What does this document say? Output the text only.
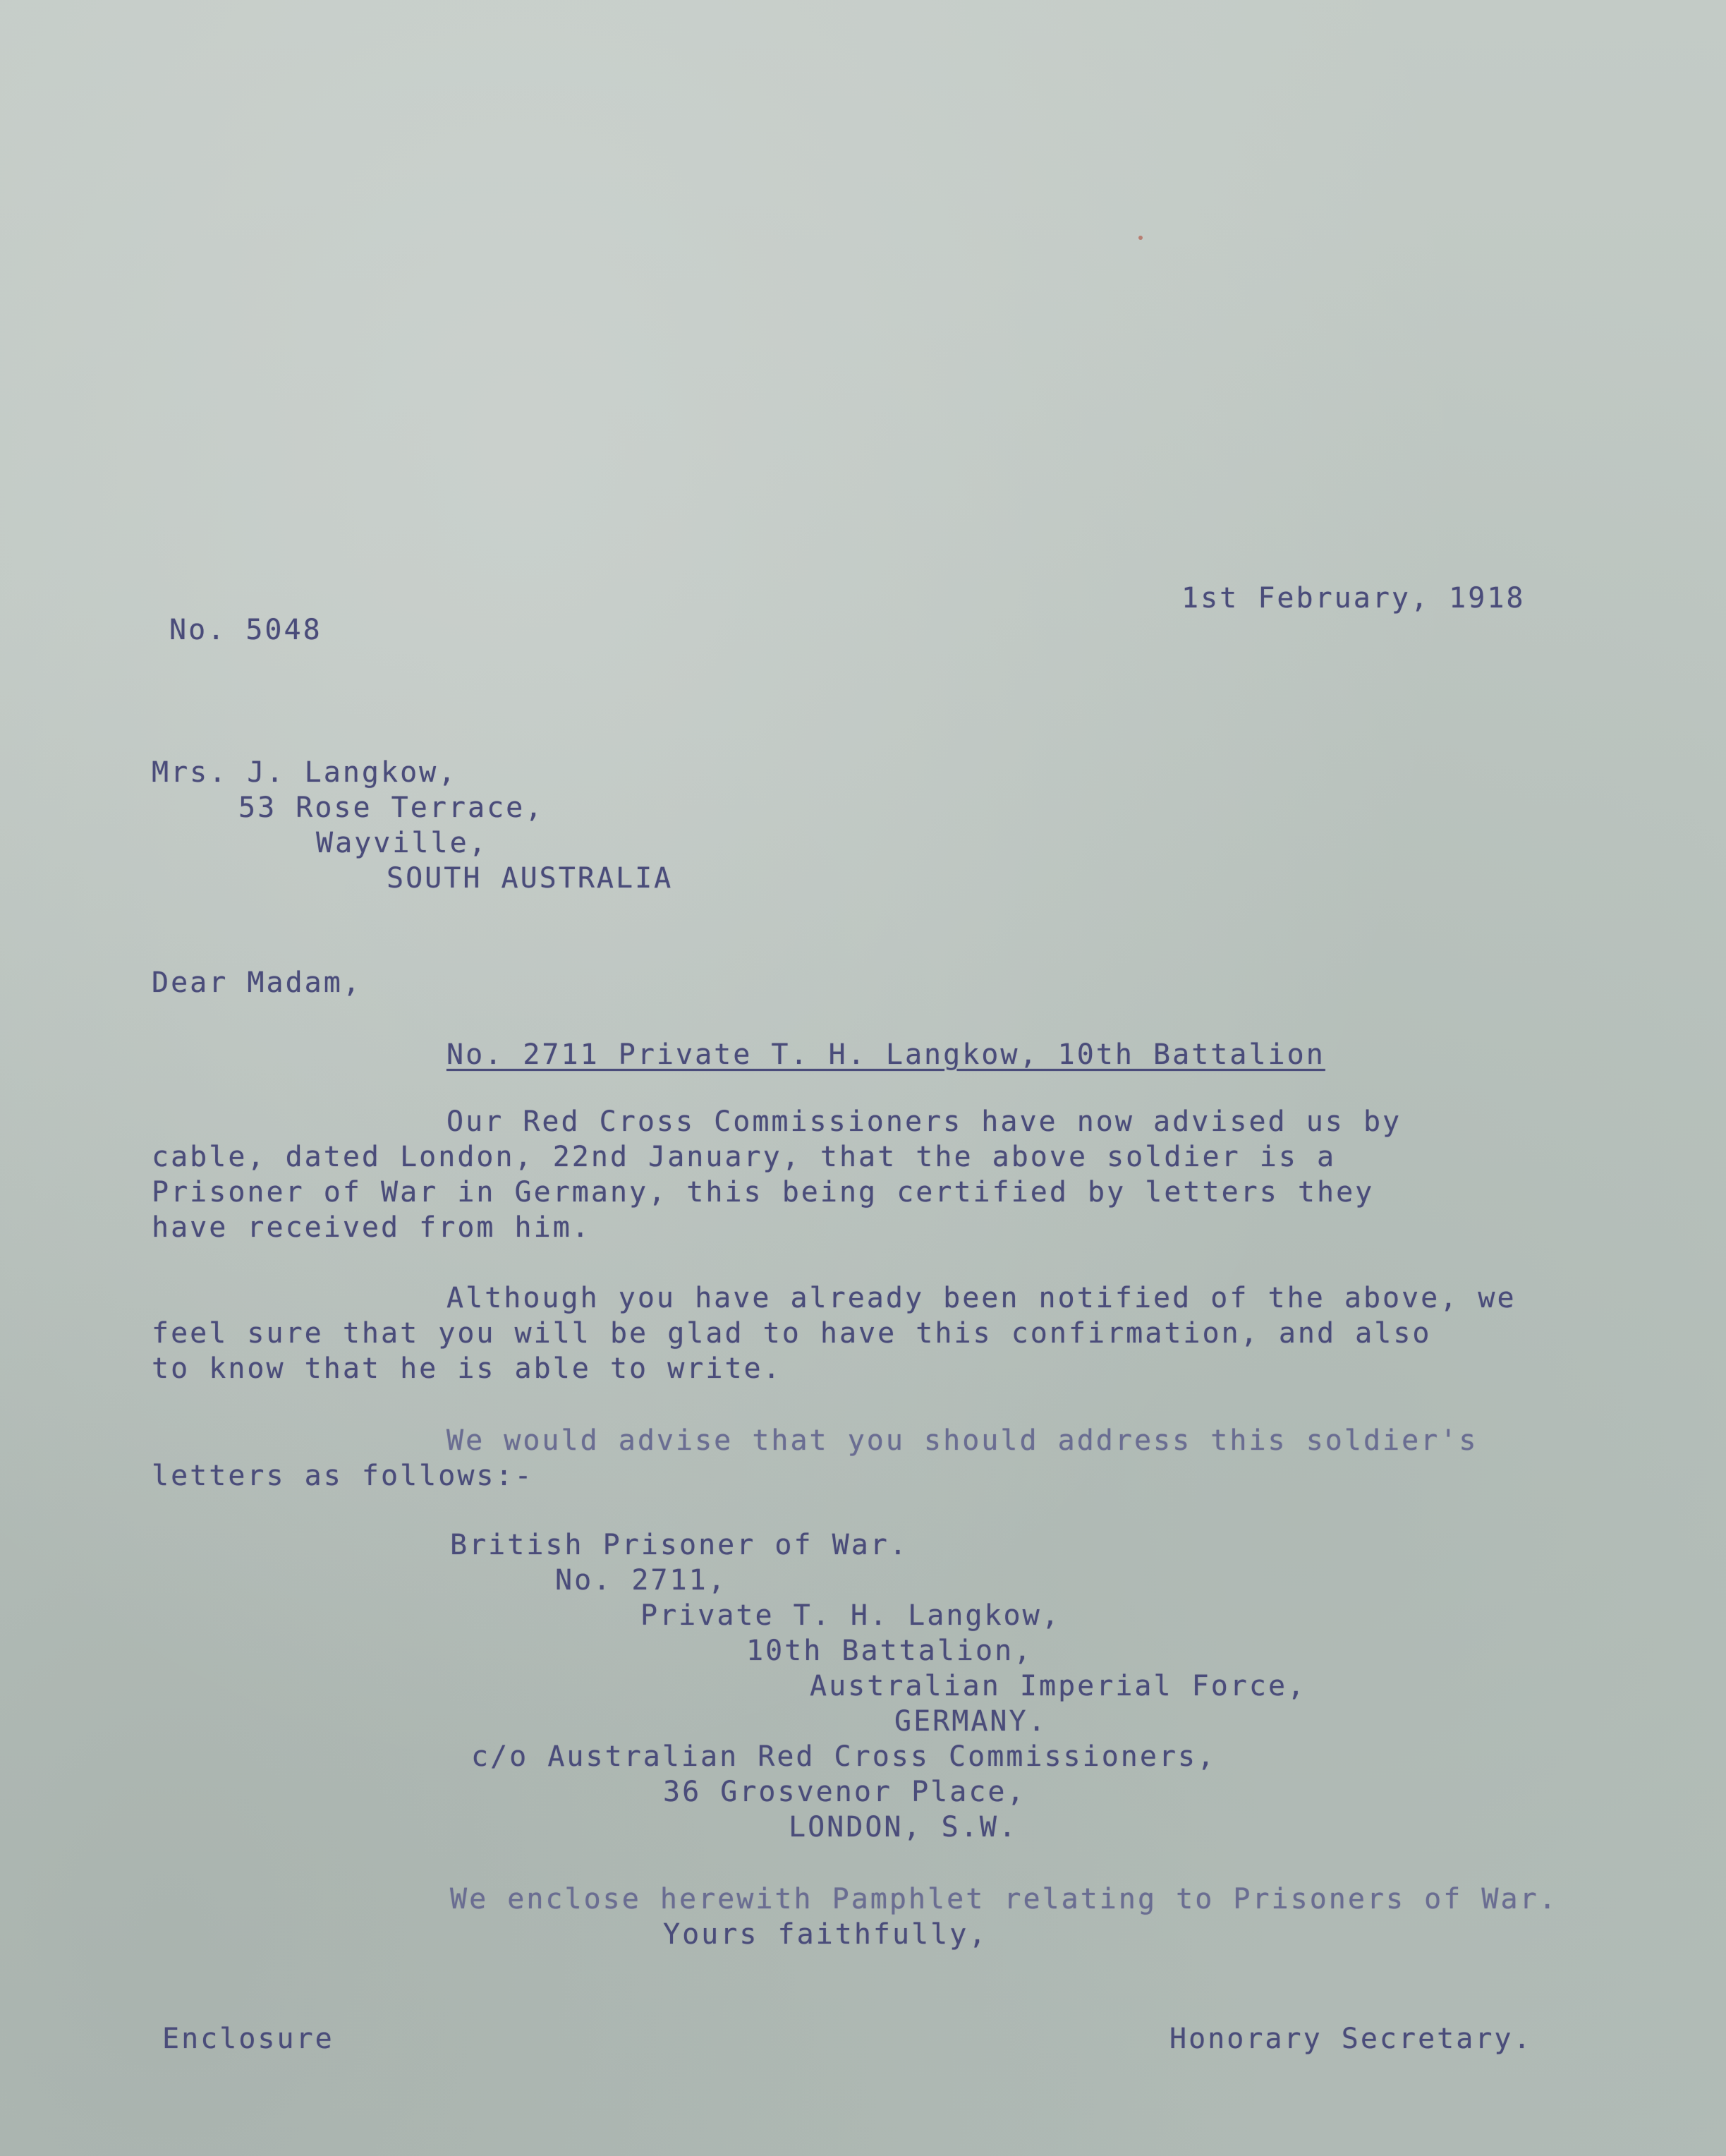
1st February, 1918
No. 5048
Mrs. J. Langkow,
53 Rose Terrace,
Wayville,
SOUTH AUSTRALIA
Dear Madam,
No. 2711 Private T. H. Langkow, 10th Battalion
Our Red Cross Commissioners have now advised us by
cable, dated London, 22nd January, that the above soldier is a
Prisoner of War in Germany, this being certified by letters they
have received from him.
Although you have already been notified of the above, we
feel sure that you will be glad to have this confirmation, and also
to know that he is able to write.
We would advise that you should address this soldier's
letters as follows:-
British Prisoner of War.
No. 2711,
Private T. H. Langkow,
10th Battalion,
Australian Imperial Force,
GERMANY.
c/o Australian Red Cross Commissioners,
36 Grosvenor Place,
LONDON, S.W.
We enclose herewith Pamphlet relating to Prisoners of War.
Yours faithfully,
Enclosure	Honorary Secretary.
